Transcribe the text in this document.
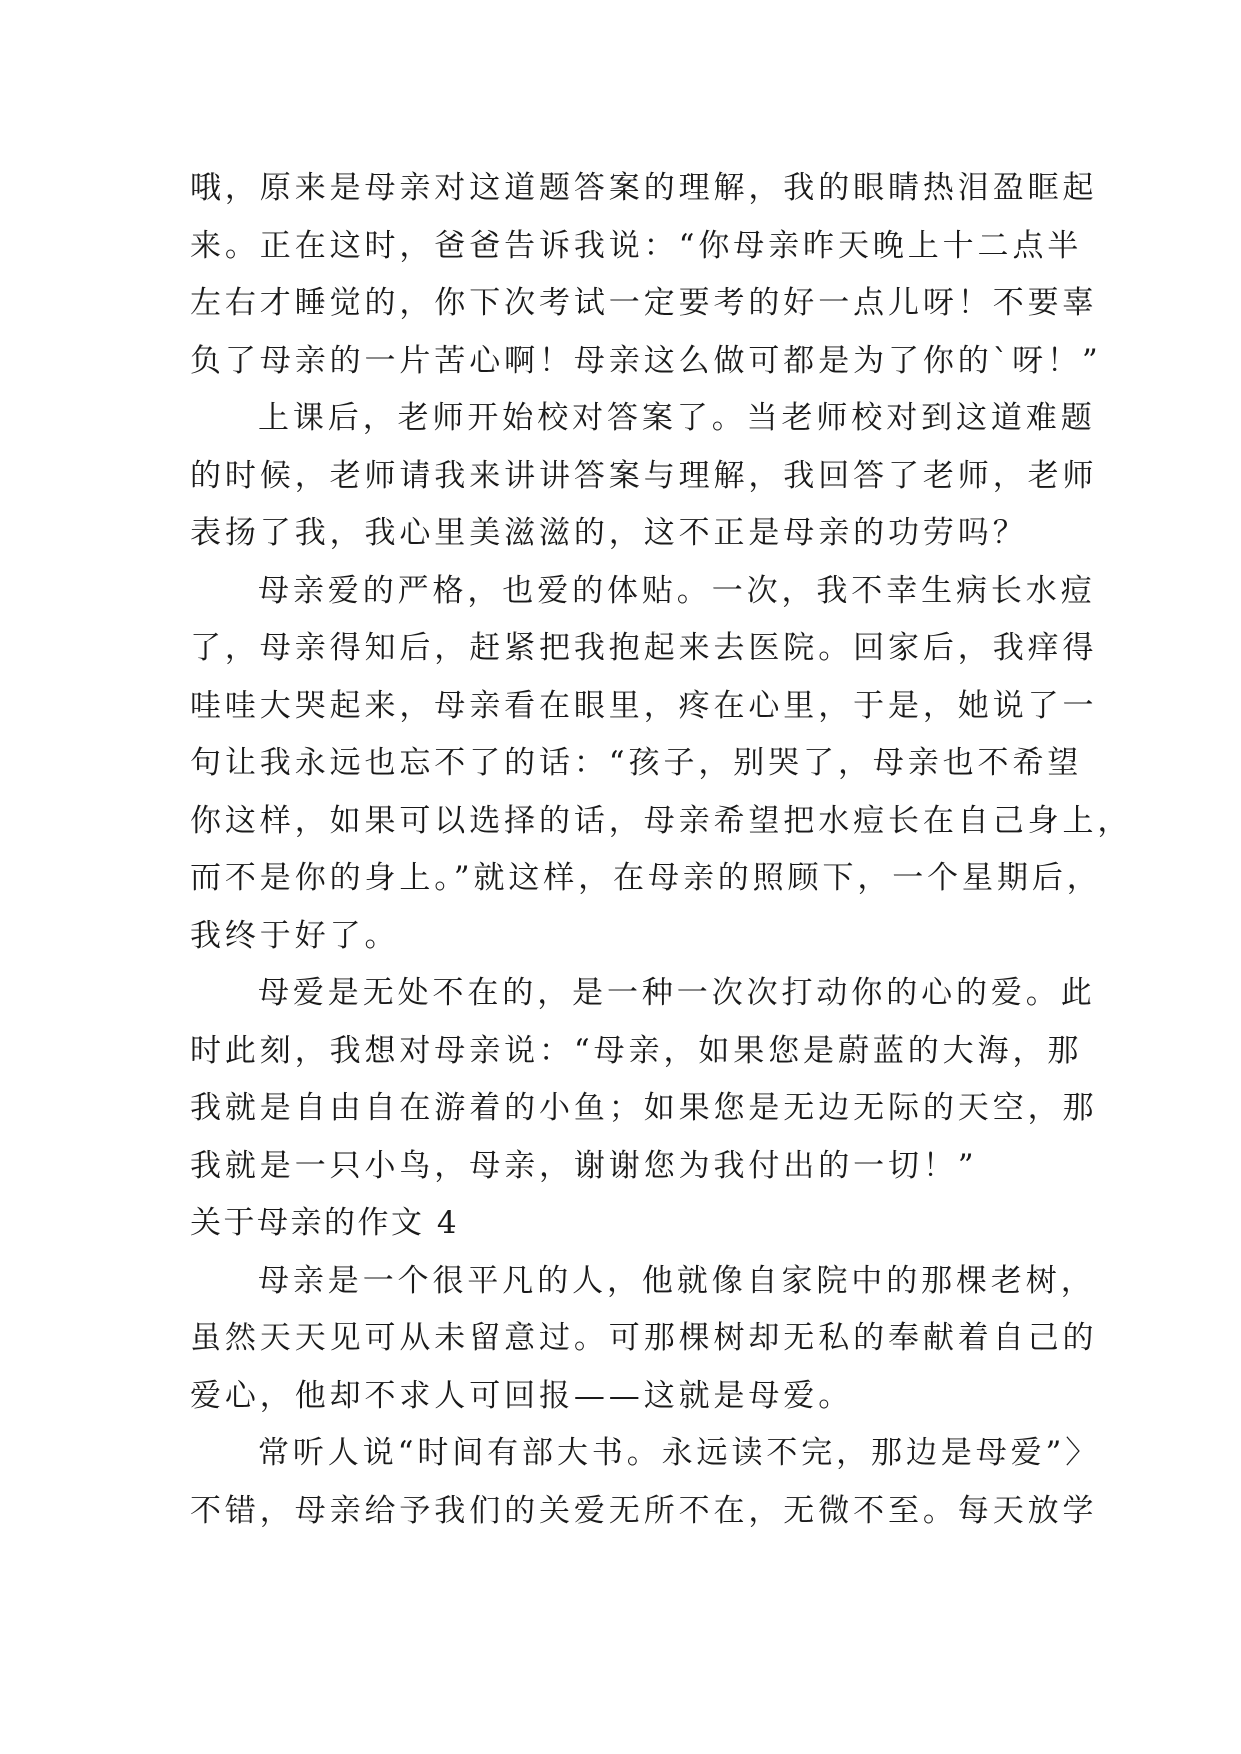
哦，原来是母亲对这道题答案的理解，我的眼睛热泪盈眶起
来。正在这时，爸爸告诉我说：“你母亲昨天晚上十二点半
左右才睡觉的，你下次考试一定要考的好一点儿呀！不要辜
负了母亲的一片苦心啊！母亲这么做可都是为了你的`呀！”
上课后，老师开始校对答案了。当老师校对到这道难题
的时候，老师请我来讲讲答案与理解，我回答了老师，老师
表扬了我，我心里美滋滋的，这不正是母亲的功劳吗？
母亲爱的严格，也爱的体贴。一次，我不幸生病长水痘
了，母亲得知后，赶紧把我抱起来去医院。回家后，我痒得
哇哇大哭起来，母亲看在眼里，疼在心里，于是，她说了一
句让我永远也忘不了的话：“孩子，别哭了，母亲也不希望
你这样，如果可以选择的话，母亲希望把水痘长在自己身上，
而不是你的身上。”就这样，在母亲的照顾下，一个星期后，
我终于好了。
母爱是无处不在的，是一种一次次打动你的心的爱。此
时此刻，我想对母亲说：“母亲，如果您是蔚蓝的大海，那
我就是自由自在游着的小鱼；如果您是无边无际的天空，那
我就是一只小鸟，母亲，谢谢您为我付出的一切！”
关于母亲的作文 4
母亲是一个很平凡的人，他就像自家院中的那棵老树，
虽然天天见可从未留意过。可那棵树却无私的奉献着自己的
爱心，他却不求人可回报——这就是母爱。
常听人说“时间有部大书。永远读不完，那边是母爱”〉
不错，母亲给予我们的关爱无所不在，无微不至。每天放学
